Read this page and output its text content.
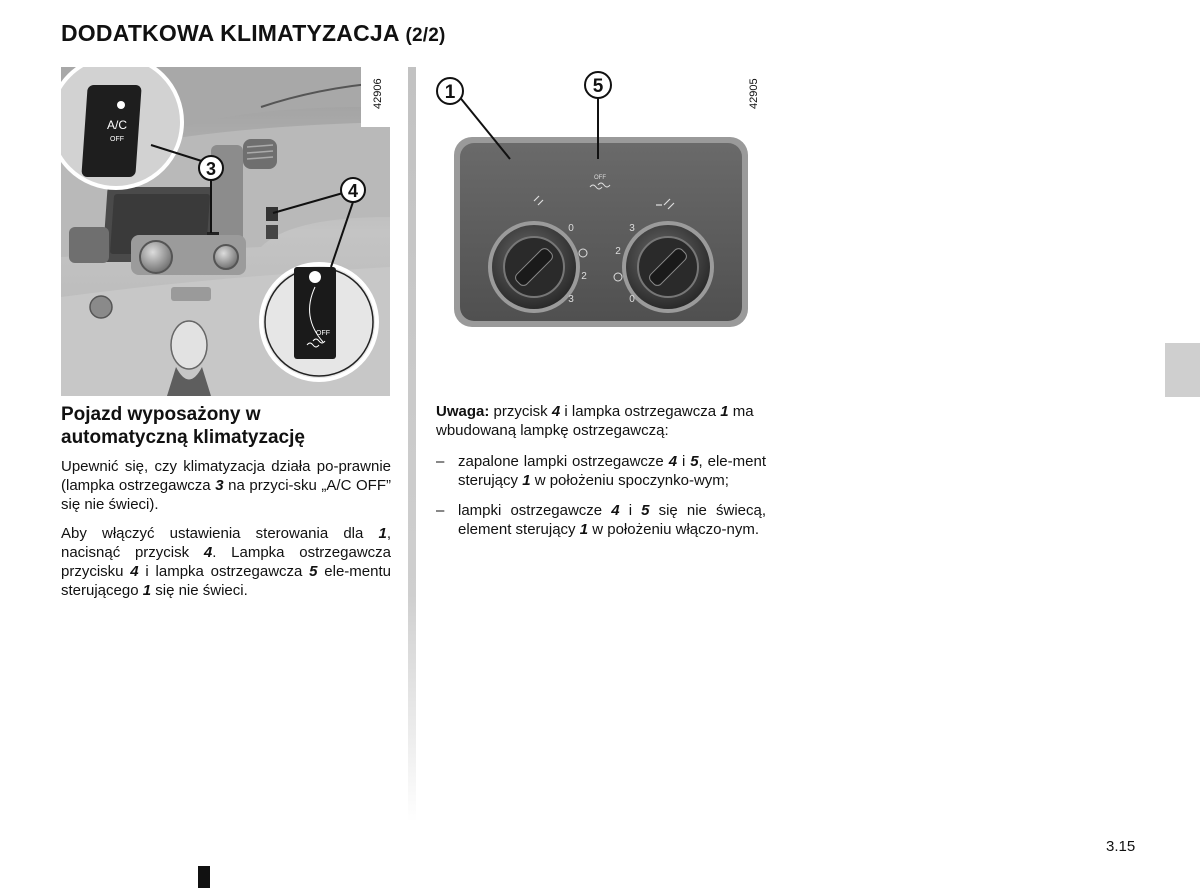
DODATKOWA KLIMATYZACJA (2/2)
A/C
OFF
OFF
3
4
42906
OFF
0
2
3
3
2
0
1	5	42905
Pojazd wyposażony w automatyczną klimatyzację

Upewnić się, czy klimatyzacja działa po-prawnie (lampka ostrzegawcza 3 na przyci-sku „A/C OFF” się nie świeci).

Aby włączyć ustawienia sterowania dla 1, nacisnąć przycisk 4. Lampka ostrzegawcza przycisku 4 i lampka ostrzegawcza 5 ele-mentu sterującego 1 się nie świeci.

Uwaga: przycisk 4 i lampka ostrzegawcza 1 ma wbudowaną lampkę ostrzegawczą:

– zapalone lampki ostrzegawcze 4 i 5, ele-ment sterujący 1 w położeniu spoczynko-wym;
– lampki ostrzegawcze 4 i 5 się nie świecą, element sterujący 1 w położeniu włączo-nym.
3.15
